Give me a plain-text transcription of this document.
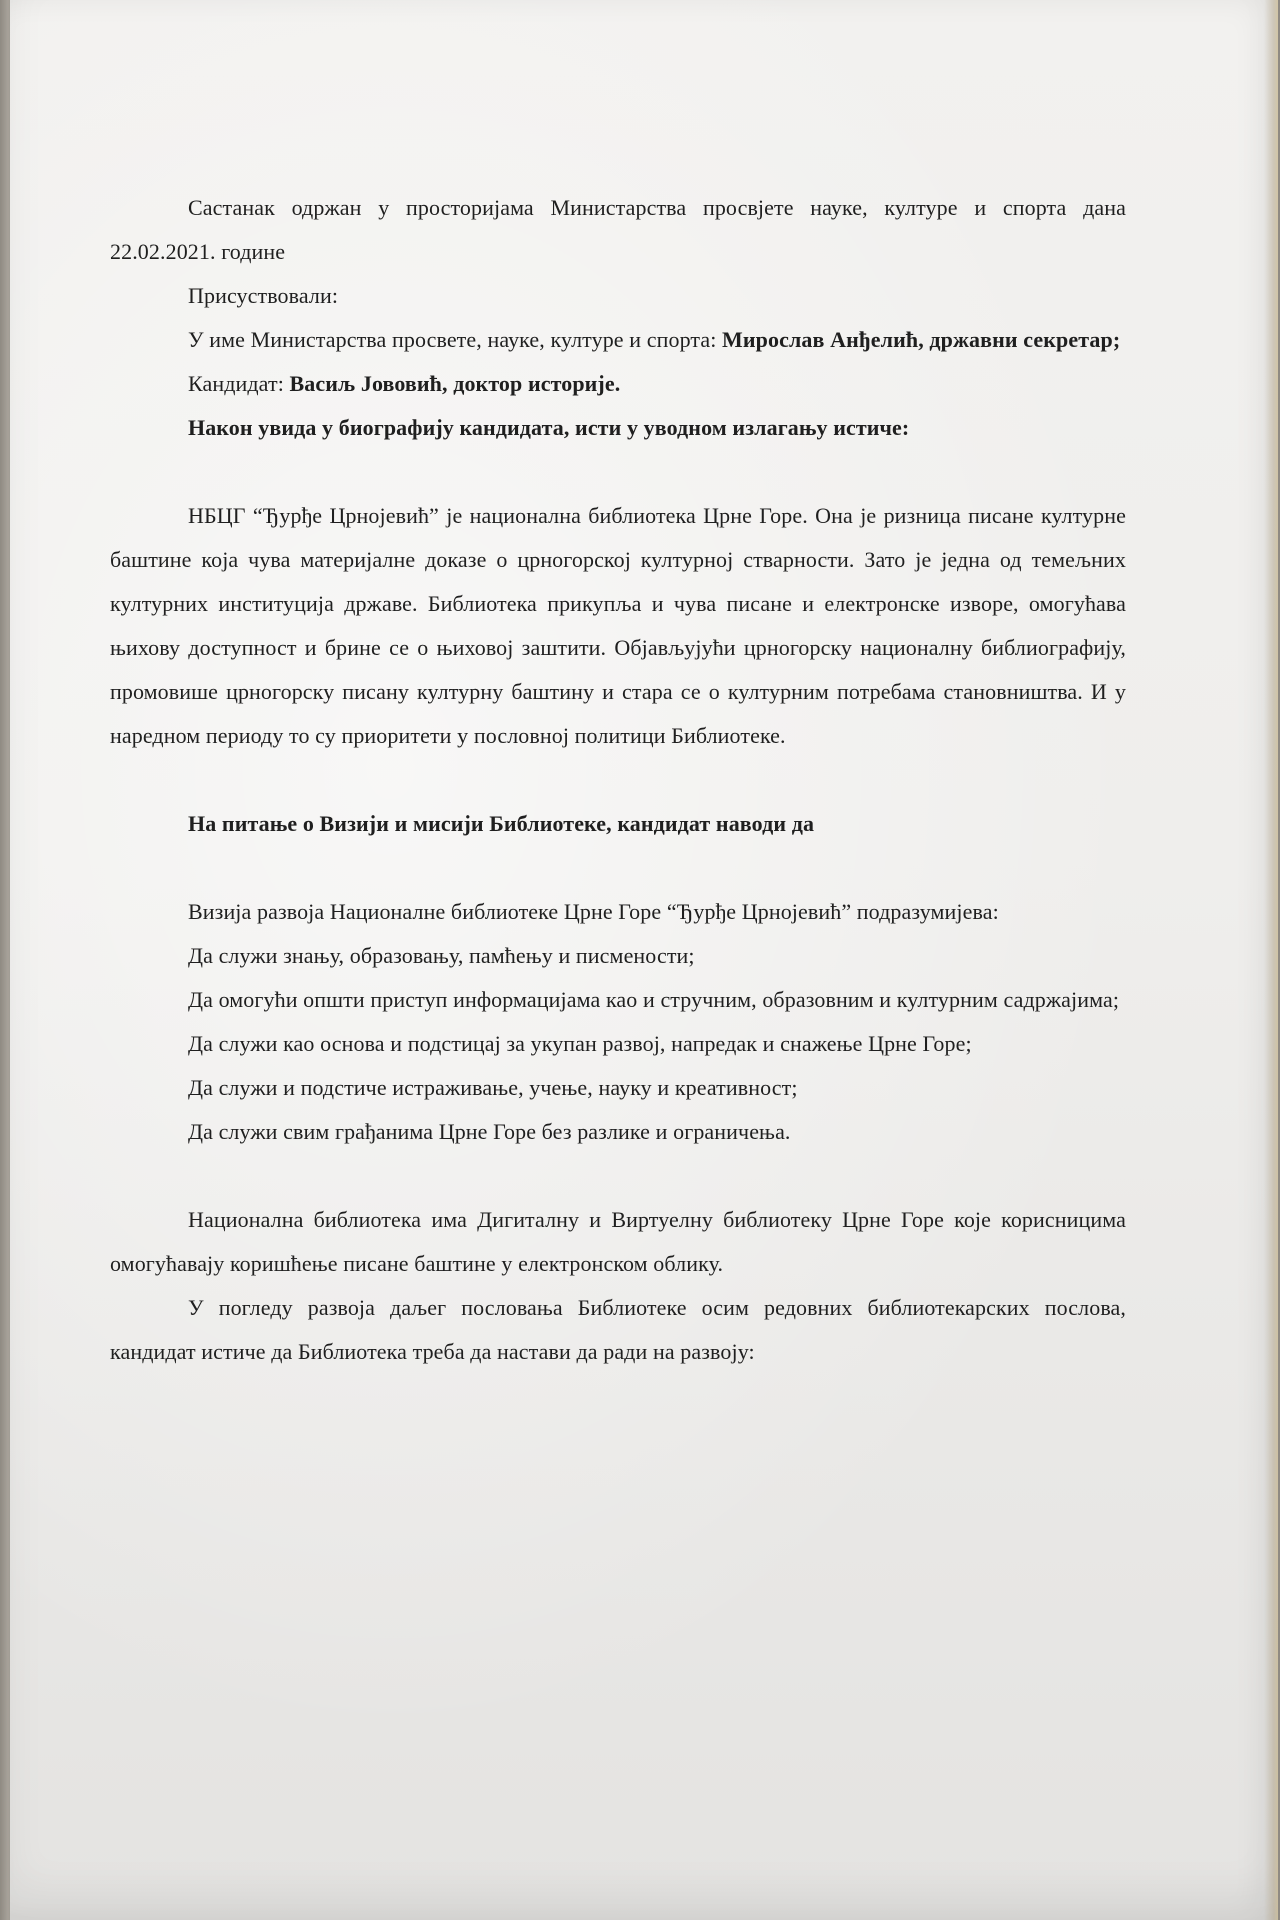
Састанак одржан у просторијама Министарства просвјете науке, културе и спорта дана 22.02.2021. године

Присуствовали:

У име Министарства просвете, науке, културе и спорта: Мирослав Анђелић, државни секретар;

Кандидат: Васиљ Јововић, доктор историје.

Након увида у биографију кандидата, исти у уводном излагању истиче:

НБЦГ “Ђурђе Црнојевић” је национална библиотека Црне Горе. Она је ризница писане културне баштине која чува материјалне доказе о црногорској културној стварности. Зато је једна од темељних културних институција државе. Библиотека прикупља и чува писане и електронске изворе, омогућава њихову доступност и брине се о њиховој заштити. Објављујући црногорску националну библиографију, промовише црногорску писану културну баштину и стара се о културним потребама становништва. И у наредном периоду то су приоритети у пословној политици Библиотеке.

На питање о Визији и мисији Библиотеке, кандидат наводи да

Визија развоја Националне библиотеке Црне Горе “Ђурђе Црнојевић” подразумијева:

Да служи знању, образовању, памћењу и писмености;

Да омогући општи приступ информацијама као и стручним, образовним и културним садржајима;

Да служи као основа и подстицај за укупан развој, напредак и снажење Црне Горе;

Да служи и подстиче истраживање, учење, науку и креативност;

Да служи свим грађанима Црне Горе без разлике и ограничења.

Национална библиотека има Дигиталну и Виртуелну библиотеку Црне Горе које корисницима омогућавају коришћење писане баштине у електронском облику.

У погледу развоја даљег пословања Библиотеке осим редовних библиотекарских послова, кандидат истиче да Библиотека треба да настави да ради на развоју:
